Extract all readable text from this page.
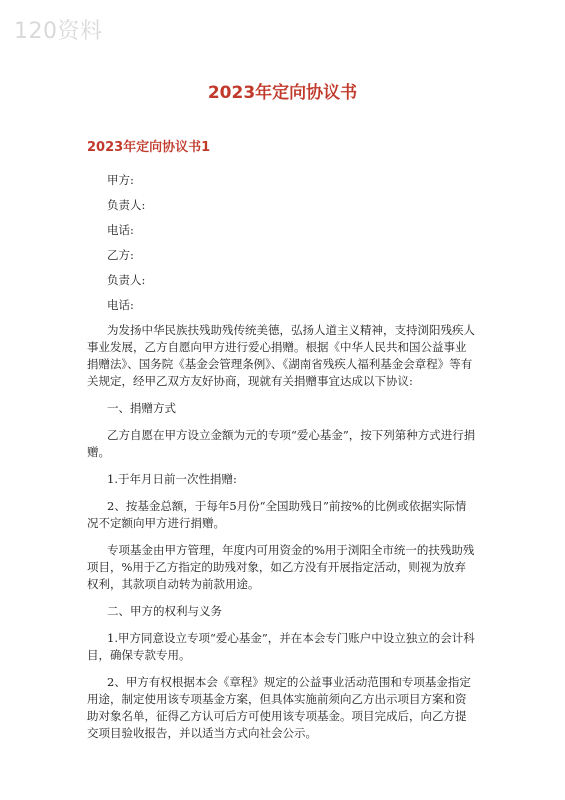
120资料
2023年定向协议书
2023年定向协议书1
甲方:
负责人:
电话:
乙方:
负责人:
电话:

为发扬中华民族扶残助残传统美德，弘扬人道主义精神，支持浏阳残疾人事业发展，乙方自愿向甲方进行爱心捐赠。根据《中华人民共和国公益事业捐赠法》、国务院《基金会管理条例》、《湖南省残疾人福利基金会章程》等有关规定，经甲乙双方友好协商，现就有关捐赠事宜达成以下协议:

一、捐赠方式

乙方自愿在甲方设立金额为元的专项“爱心基金”，按下列第种方式进行捐赠。

1.于年月日前一次性捐赠:

2、按基金总额，于每年5月份“全国助残日”前按%的比例或依据实际情况不定额向甲方进行捐赠。

专项基金由甲方管理，年度内可用资金的%用于浏阳全市统一的扶残助残项目，%用于乙方指定的助残对象，如乙方没有开展指定活动，则视为放弃权利，其款项自动转为前款用途。

二、甲方的权利与义务

1.甲方同意设立专项“爱心基金”，并在本会专门账户中设立独立的会计科目，确保专款专用。

2、甲方有权根据本会《章程》规定的公益事业活动范围和专项基金指定用途，制定使用该专项基金方案，但具体实施前须向乙方出示项目方案和资助对象名单，征得乙方认可后方可使用该专项基金。项目完成后，向乙方提交项目验收报告，并以适当方式向社会公示。
